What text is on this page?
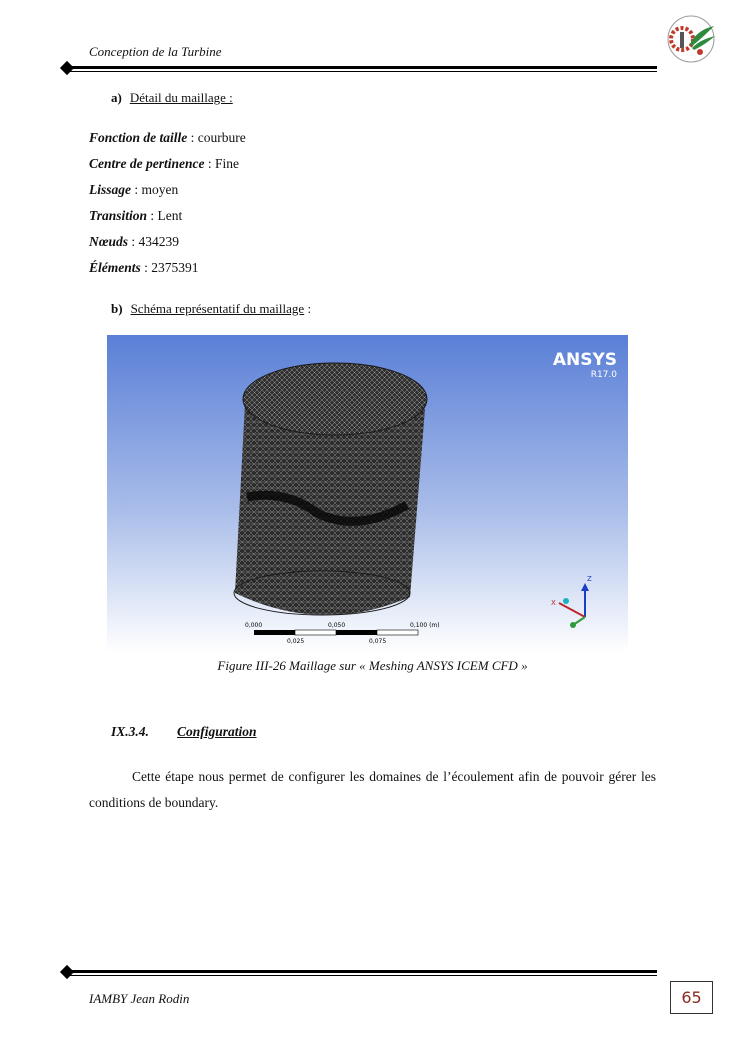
Conception de la Turbine
a) Détail du maillage :
Fonction de taille : courbure
Centre de pertinence : Fine
Lissage : moyen
Transition : Lent
Nœuds : 434239
Éléments : 2375391
b) Schéma représentatif du maillage :
ANSYS
R17.0
0,000	0,050	0,100 (m)
0,025	0,075
Z
X
Figure III-26 Maillage sur « Meshing ANSYS ICEM CFD »
IX.3.4. Configuration
Cette étape nous permet de configurer les domaines de l’écoulement afin de pouvoir gérer les conditions de boundary.
IAMBY Jean Rodin	65
